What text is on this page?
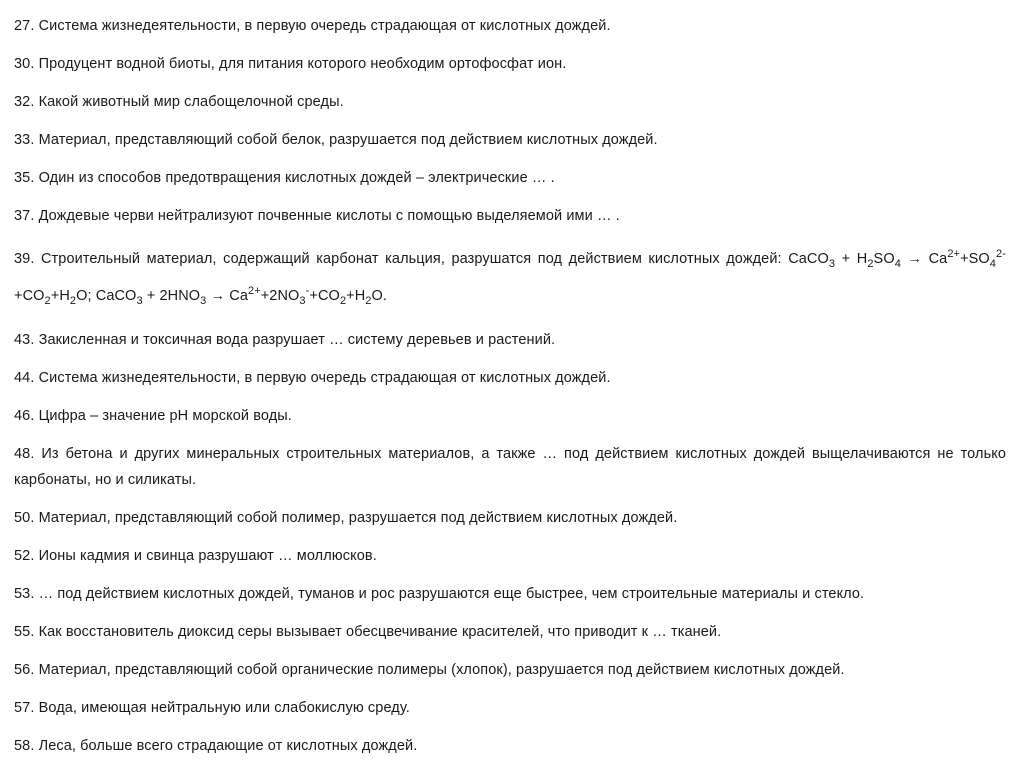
27. Система жизнедеятельности, в первую очередь страдающая от кислотных дождей.

30. Продуцент водной биоты, для питания которого необходим ортофосфат ион.

32. Какой животный мир слабощелочной среды.

33. Материал, представляющий собой белок, разрушается под действием кислотных дождей.

35. Один из способов предотвращения кислотных дождей – электрические … .

37. Дождевые черви нейтрализуют почвенные кислоты с помощью выделяемой ими … .

39. Строительный материал, содержащий карбонат кальция, разрушатся под действием кислотных дождей: CaCO$_3$ + $H_2SO_4 \to Ca^{2+}+SO_4^{2-}+CO_2+H_2O$; CaCO$_3$ + $2HNO_3 \to Ca^{2+}+2NO_3^-+CO_2+H_2O$.

43. Закисленная и токсичная вода разрушает … систему деревьев и растений.

44. Система жизнедеятельности, в первую очередь страдающая от кислотных дождей.

46. Цифра – значение pH морской воды.

48. Из бетона и других минеральных строительных материалов, а также … под действием кислотных дождей выщелачиваются не только карбонаты, но и силикаты.

50. Материал, представляющий собой полимер, разрушается под действием кислотных дождей.

52. Ионы кадмия и свинца разрушают … моллюсков.

53. … под действием кислотных дождей, туманов и рос разрушаются еще быстрее, чем строительные материалы и стекло.

55. Как восстановитель диоксид серы вызывает обесцвечивание красителей, что приводит к … тканей.

56. Материал, представляющий собой органические полимеры (хлопок), разрушается под действием кислотных дождей.

57. Вода, имеющая нейтральную или слабокислую среду.

58. Леса, больше всего страдающие от кислотных дождей.
